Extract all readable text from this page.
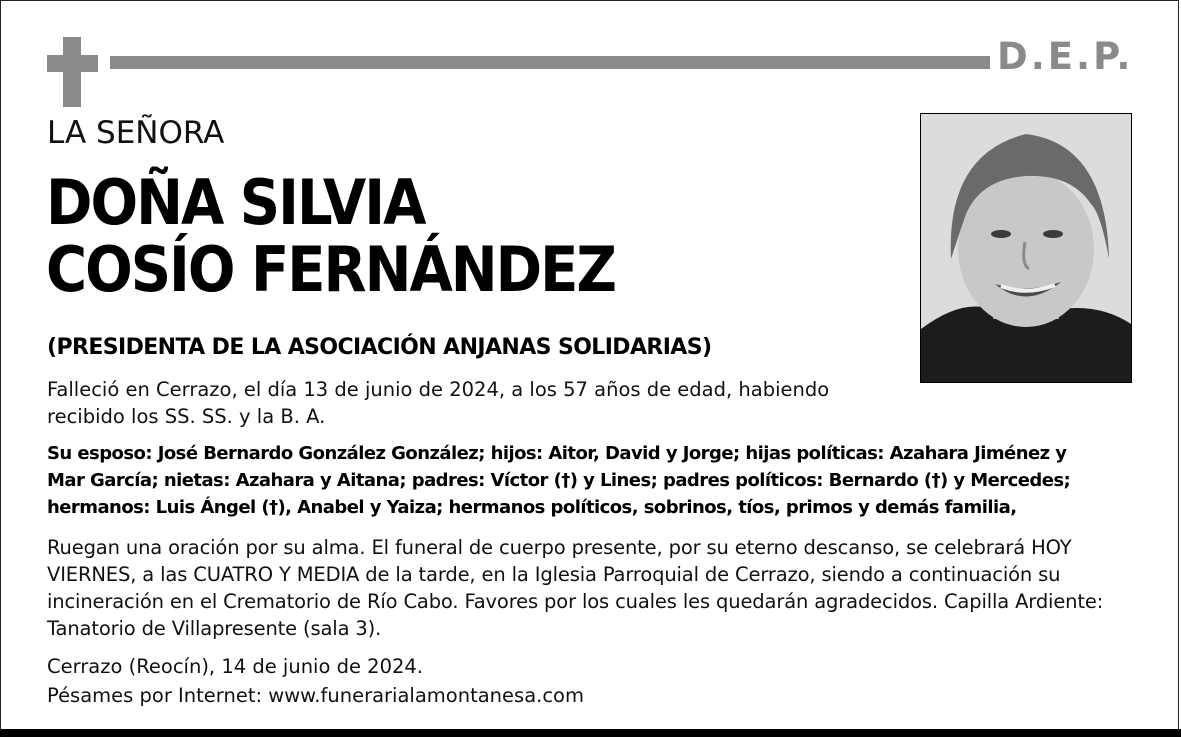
D.E.P.
LA SEÑORA
DOÑA SILVIA
COSÍO FERNÁNDEZ
(PRESIDENTA DE LA ASOCIACIÓN ANJANAS SOLIDARIAS)
Falleció en Cerrazo, el día 13 de junio de 2024, a los 57 años de edad, habiendo
recibido los SS. SS. y la B. A.
Su esposo: José Bernardo González González; hijos: Aitor, David y Jorge; hijas políticas: Azahara Jiménez y
Mar García; nietas: Azahara y Aitana; padres: Víctor (†) y Lines; padres políticos: Bernardo (†) y Mercedes;
hermanos: Luis Ángel (†), Anabel y Yaiza; hermanos políticos, sobrinos, tíos, primos y demás familia,
Ruegan una oración por su alma. El funeral de cuerpo presente, por su eterno descanso, se celebrará HOY
VIERNES, a las CUATRO Y MEDIA de la tarde, en la Iglesia Parroquial de Cerrazo, siendo a continuación su
incineración en el Crematorio de Río Cabo. Favores por los cuales les quedarán agradecidos. Capilla Ardiente:
Tanatorio de Villapresente (sala 3).
Cerrazo (Reocín), 14 de junio de 2024.
Pésames por Internet: www.funerarialamontanesa.com
